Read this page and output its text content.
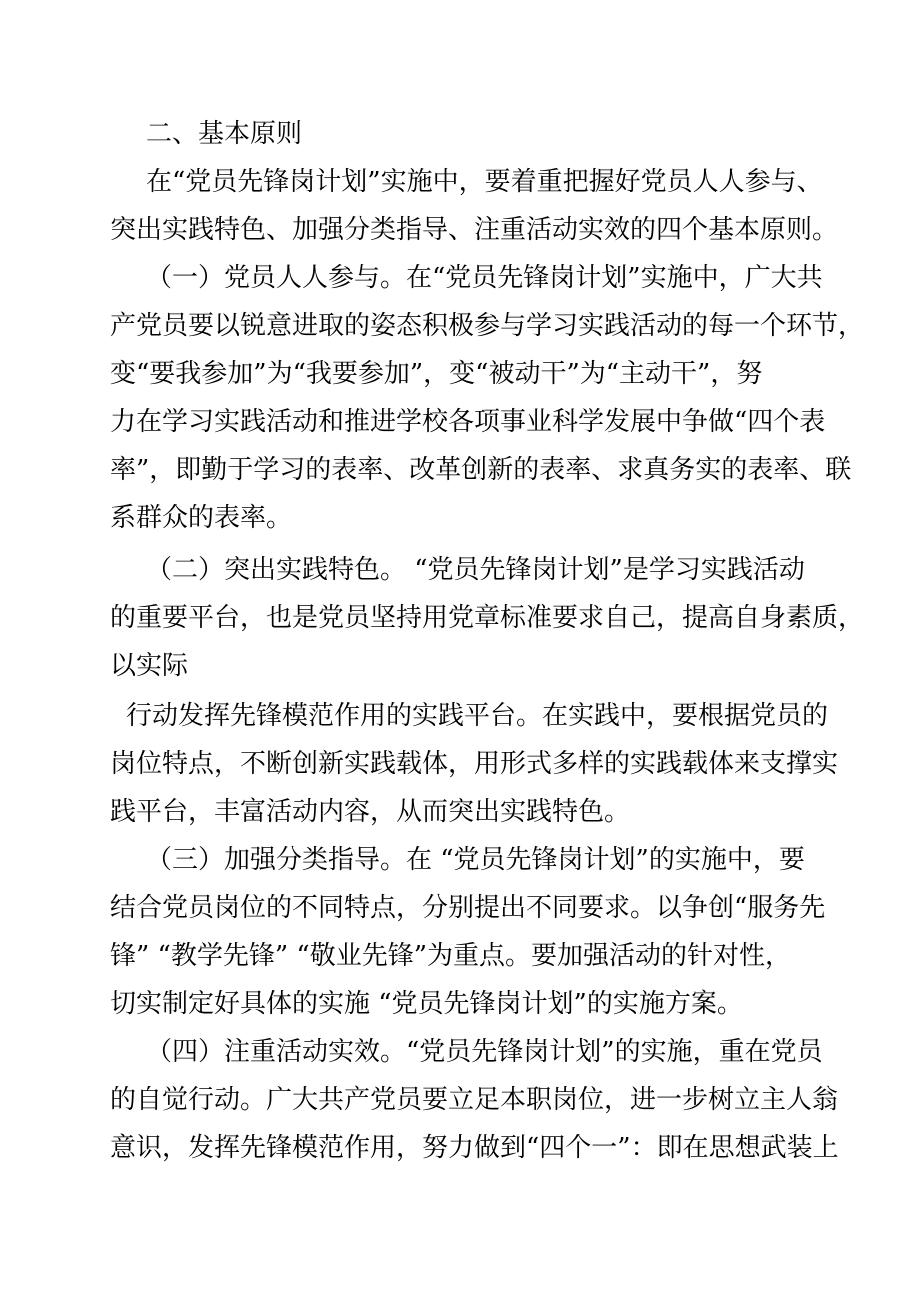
二、基本原则

在“党员先锋岗计划”实施中，要着重把握好党员人人参与、

突出实践特色、加强分类指导、注重活动实效的四个基本原则。

（一）党员人人参与。在“党员先锋岗计划”实施中，广大共

产党员要以锐意进取的姿态积极参与学习实践活动的每一个环节，

变“要我参加”为“我要参加”，变“被动干”为“主动干”，努

力在学习实践活动和推进学校各项事业科学发展中争做“四个表

率”，即勤于学习的表率、改革创新的表率、求真务实的表率、联

系群众的表率。

（二）突出实践特色。 “党员先锋岗计划”是学习实践活动

的重要平台，也是党员坚持用党章标准要求自己，提高自身素质，

以实际

行动发挥先锋模范作用的实践平台。在实践中，要根据党员的

岗位特点，不断创新实践载体，用形式多样的实践载体来支撑实

践平台，丰富活动内容，从而突出实践特色。

（三）加强分类指导。在 “党员先锋岗计划”的实施中，要

结合党员岗位的不同特点，分别提出不同要求。以争创“服务先

锋” “教学先锋” “敬业先锋”为重点。要加强活动的针对性，

切实制定好具体的实施 “党员先锋岗计划”的实施方案。

（四）注重活动实效。“党员先锋岗计划”的实施，重在党员

的自觉行动。广大共产党员要立足本职岗位，进一步树立主人翁

意识，发挥先锋模范作用，努力做到“四个一”：即在思想武装上
